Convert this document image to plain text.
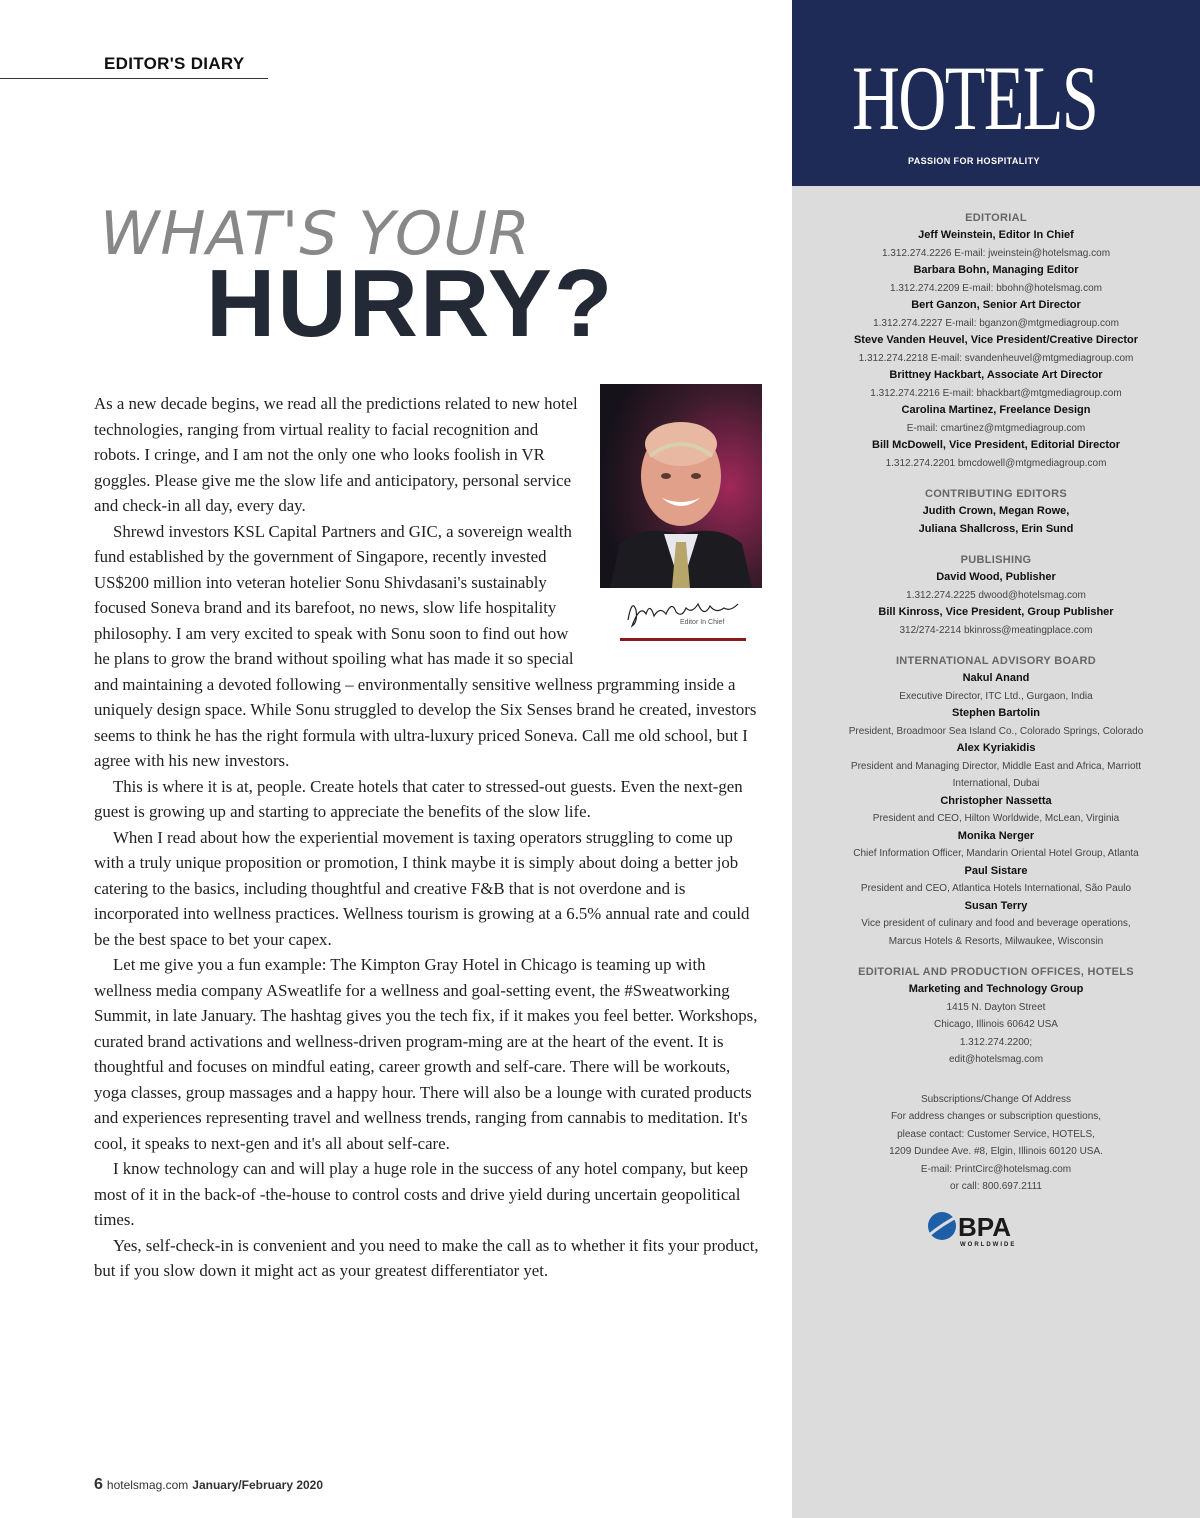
EDITOR'S DIARY
WHAT'S YOUR
HURRY?
Editor In Chief

As a new decade begins, we read all the predictions related to new hotel technologies, ranging from virtual reality to facial recognition and robots. I cringe, and I am not the only one who looks foolish in VR goggles. Please give me the slow life and anticipatory, personal service and check-in all day, every day.

Shrewd investors KSL Capital Partners and GIC, a sovereign wealth fund established by the government of Singapore, recently invested US$200 million into veteran hotelier Sonu Shivdasani's sustainably focused Soneva brand and its barefoot, no news, slow life hospitality philosophy. I am very excited to speak with Sonu soon to find out how he plans to grow the brand without spoiling what has made it so special and maintaining a devoted following – environmentally sensitive wellness prgramming inside a uniquely design space. While Sonu struggled to develop the Six Senses brand he created, investors seems to think he has the right formula with ultra-luxury priced Soneva. Call me old school, but I agree with his new investors.

This is where it is at, people. Create hotels that cater to stressed-out guests. Even the next-gen guest is growing up and starting to appreciate the benefits of the slow life.

When I read about how the experiential movement is taxing operators struggling to come up with a truly unique proposition or promotion, I think maybe it is simply about doing a better job catering to the basics, including thoughtful and creative F&B that is not overdone and is incorporated into wellness practices. Wellness tourism is growing at a 6.5% annual rate and could be the best space to bet your capex.

Let me give you a fun example: The Kimpton Gray Hotel in Chicago is teaming up with wellness media company ASweatlife for a wellness and goal-setting event, the #Sweatworking Summit, in late January. The hashtag gives you the tech fix, if it makes you feel better. Workshops, curated brand activations and wellness-driven program-ming are at the heart of the event. It is thoughtful and focuses on mindful eating, career growth and self-care. There will be workouts, yoga classes, group massages and a happy hour. There will also be a lounge with curated products and experiences representing travel and wellness trends, ranging from cannabis to meditation. It's cool, it speaks to next-gen and it's all about self-care.

I know technology can and will play a huge role in the success of any hotel company, but keep most of it in the back-of -the-house to control costs and drive yield during uncertain geopolitical times.

Yes, self-check-in is convenient and you need to make the call as to whether it fits your product, but if you slow down it might act as your greatest differentiator yet.

6 hotelsmag.com January/February 2020
HOTELS
PASSION FOR HOSPITALITY
EDITORIAL
Jeff Weinstein, Editor In Chief
1.312.274.2226 E-mail: jweinstein@hotelsmag.com
Barbara Bohn, Managing Editor
1.312.274.2209 E-mail: bbohn@hotelsmag.com
Bert Ganzon, Senior Art Director
1.312.274.2227 E-mail: bganzon@mtgmediagroup.com
Steve Vanden Heuvel, Vice President/Creative Director
1.312.274.2218 E-mail: svandenheuvel@mtgmediagroup.com
Brittney Hackbart, Associate Art Director
1.312.274.2216 E-mail: bhackbart@mtgmediagroup.com
Carolina Martinez, Freelance Design
E-mail: cmartinez@mtgmediagroup.com
Bill McDowell, Vice President, Editorial Director
1.312.274.2201 bmcdowell@mtgmediagroup.com
CONTRIBUTING EDITORS
Judith Crown, Megan Rowe,
Juliana Shallcross, Erin Sund
PUBLISHING
David Wood, Publisher
1.312.274.2225 dwood@hotelsmag.com
Bill Kinross, Vice President, Group Publisher
312/274-2214 bkinross@meatingplace.com
INTERNATIONAL ADVISORY BOARD
Nakul Anand
Executive Director, ITC Ltd., Gurgaon, India
Stephen Bartolin
President, Broadmoor Sea Island Co., Colorado Springs, Colorado
Alex Kyriakidis
President and Managing Director, Middle East and Africa, Marriott
International, Dubai
Christopher Nassetta
President and CEO, Hilton Worldwide, McLean, Virginia
Monika Nerger
Chief Information Officer, Mandarin Oriental Hotel Group, Atlanta
Paul Sistare
President and CEO, Atlantica Hotels International, São Paulo
Susan Terry
Vice president of culinary and food and beverage operations,
Marcus Hotels & Resorts, Milwaukee, Wisconsin
EDITORIAL AND PRODUCTION OFFICES, HOTELS
Marketing and Technology Group
1415 N. Dayton Street
Chicago, Illinois 60642 USA
1.312.274.2200;
edit@hotelsmag.com
Subscriptions/Change Of Address
For address changes or subscription questions,
please contact: Customer Service, HOTELS,
1209 Dundee Ave. #8, Elgin, Illinois 60120 USA.
E-mail: PrintCirc@hotelsmag.com
or call: 800.697.2111
BPA
WORLDWIDE
